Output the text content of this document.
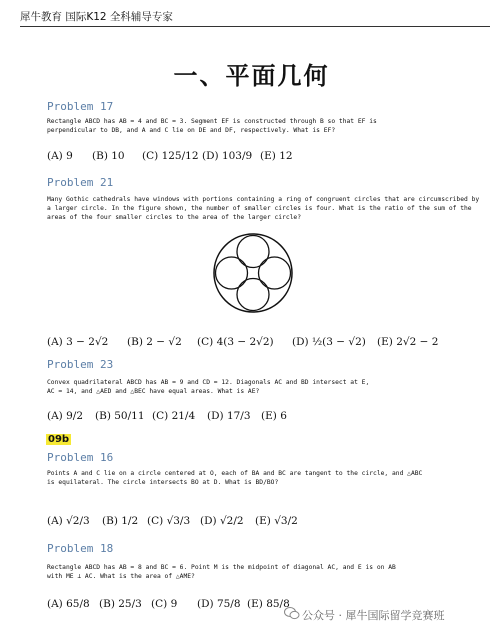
犀牛教育 国际K12 全科辅导专家
一、平面几何
Problem 17
Rectangle ABCD has AB = 4 and BC = 3. Segment EF is constructed through B so that EF is
perpendicular to DB, and A and C lie on DE and DF, respectively. What is EF?
(A) 9 (B) 10 (C) 125/12 (D) 103/9 (E) 12
Problem 21
Many Gothic cathedrals have windows with portions containing a ring of congruent circles that are circumscribed by
a larger circle. In the figure shown, the number of smaller circles is four. What is the ratio of the sum of the
areas of the four smaller circles to the area of the larger circle?
(A) 3 − 2√2 (B) 2 − √2 (C) 4(3 − 2√2) (D) ½(3 − √2) (E) 2√2 − 2
Problem 23
Convex quadrilateral ABCD has AB = 9 and CD = 12. Diagonals AC and BD intersect at E,
AC = 14, and △AED and △BEC have equal areas. What is AE?
(A) 9/2 (B) 50/11 (C) 21/4 (D) 17/3 (E) 6
09b
Problem 16
Points A and C lie on a circle centered at O, each of BA and BC are tangent to the circle, and △ABC
is equilateral. The circle intersects BO at D. What is BD/BO?
(A) √2/3 (B) 1/2 (C) √3/3 (D) √2/2 (E) √3/2
Problem 18
Rectangle ABCD has AB = 8 and BC = 6. Point M is the midpoint of diagonal AC, and E is on AB
with ME ⊥ AC. What is the area of △AME?
(A) 65/8 (B) 25/3 (C) 9 (D) 75/8 (E) 85/8
公众号 · 犀牛国际留学竞赛班
